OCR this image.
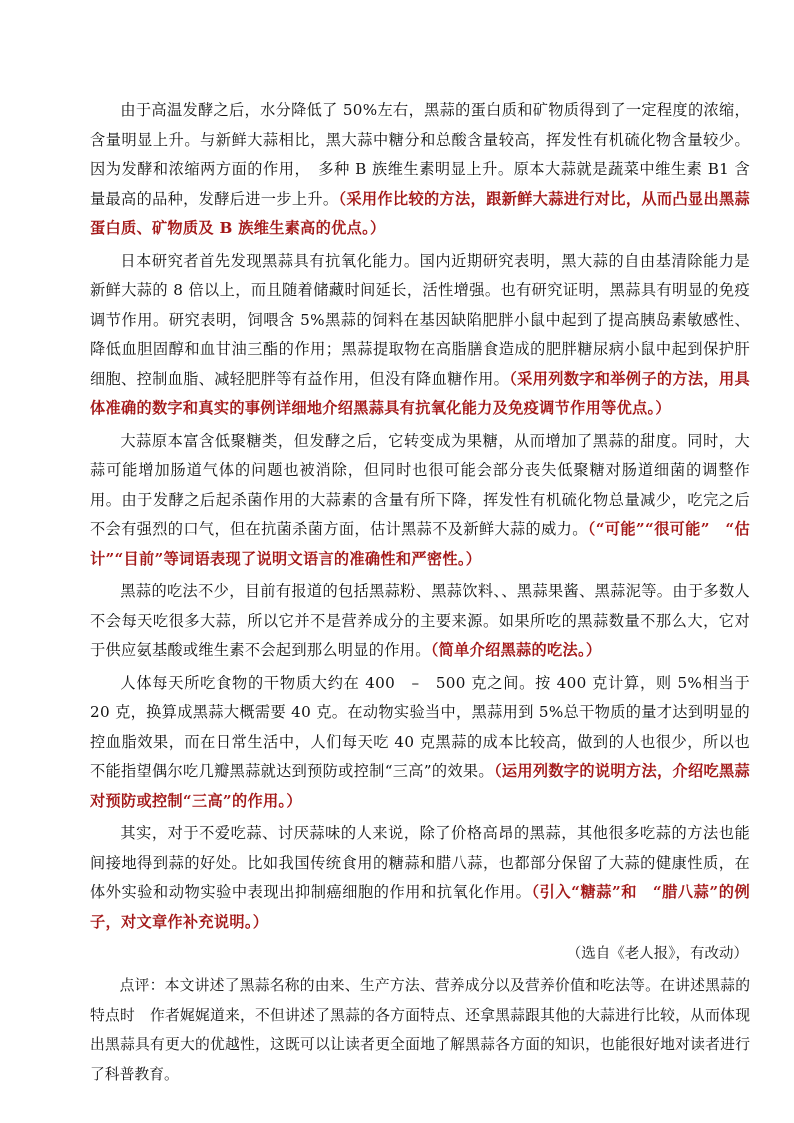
由于高温发酵之后，水分降低了 50%左右，黑蒜的蛋白质和矿物质得到了一定程度的浓缩，含量明显上升。与新鲜大蒜相比，黑大蒜中糖分和总酸含量较高，挥发性有机硫化物含量较少。因为发酵和浓缩两方面的作用，　多种 B 族维生素明显上升。原本大蒜就是蔬菜中维生素 B1 含量最高的品种，发酵后进一步上升。（采用作比较的方法，跟新鲜大蒜进行对比，从而凸显出黑蒜蛋白质、矿物质及 B 族维生素高的优点。）

日本研究者首先发现黑蒜具有抗氧化能力。国内近期研究表明，黑大蒜的自由基清除能力是新鲜大蒜的 8 倍以上，而且随着储藏时间延长，活性增强。也有研究证明，黑蒜具有明显的免疫调节作用。研究表明，饲喂含 5%黑蒜的饲料在基因缺陷肥胖小鼠中起到了提高胰岛素敏感性、降低血胆固醇和血甘油三酯的作用；黑蒜提取物在高脂膳食造成的肥胖糖尿病小鼠中起到保护肝细胞、控制血脂、减轻肥胖等有益作用，但没有降血糖作用。（采用列数字和举例子的方法，用具体准确的数字和真实的事例详细地介绍黑蒜具有抗氧化能力及免疫调节作用等优点。）

大蒜原本富含低聚糖类，但发酵之后，它转变成为果糖，从而增加了黑蒜的甜度。同时，大蒜可能增加肠道气体的问题也被消除，但同时也很可能会部分丧失低聚糖对肠道细菌的调整作用。由于发酵之后起杀菌作用的大蒜素的含量有所下降，挥发性有机硫化物总量减少，吃完之后不会有强烈的口气，但在抗菌杀菌方面，估计黑蒜不及新鲜大蒜的威力。（“可能”“很可能”　“估计”“目前”等词语表现了说明文语言的准确性和严密性。）

黑蒜的吃法不少，目前有报道的包括黑蒜粉、黑蒜饮料、、黑蒜果酱、黑蒜泥等。由于多数人不会每天吃很多大蒜，所以它并不是营养成分的主要来源。如果所吃的黑蒜数量不那么大，它对于供应氨基酸或维生素不会起到那么明显的作用。（简单介绍黑蒜的吃法。）

人体每天所吃食物的干物质大约在 400　–　500 克之间。按 400 克计算，则 5%相当于 20 克，换算成黑蒜大概需要 40 克。在动物实验当中，黑蒜用到 5%总干物质的量才达到明显的控血脂效果，而在日常生活中，人们每天吃 40 克黑蒜的成本比较高，做到的人也很少，所以也不能指望偶尔吃几瓣黑蒜就达到预防或控制“三高”的效果。（运用列数字的说明方法，介绍吃黑蒜对预防或控制“三高”的作用。）

其实，对于不爱吃蒜、讨厌蒜味的人来说，除了价格高昂的黑蒜，其他很多吃蒜的方法也能间接地得到蒜的好处。比如我国传统食用的糖蒜和腊八蒜，也都部分保留了大蒜的健康性质，在体外实验和动物实验中表现出抑制癌细胞的作用和抗氧化作用。（引入“糖蒜”和　“腊八蒜”的例子，对文章作补充说明。）

（选自《老人报》，有改动）

点评：本文讲述了黑蒜名称的由来、生产方法、营养成分以及营养价值和吃法等。在讲述黑蒜的特点时　作者娓娓道来，不但讲述了黑蒜的各方面特点、还拿黑蒜跟其他的大蒜进行比较，从而体现出黑蒜具有更大的优越性，这既可以让读者更全面地了解黑蒜各方面的知识，也能很好地对读者进行了科普教育。
